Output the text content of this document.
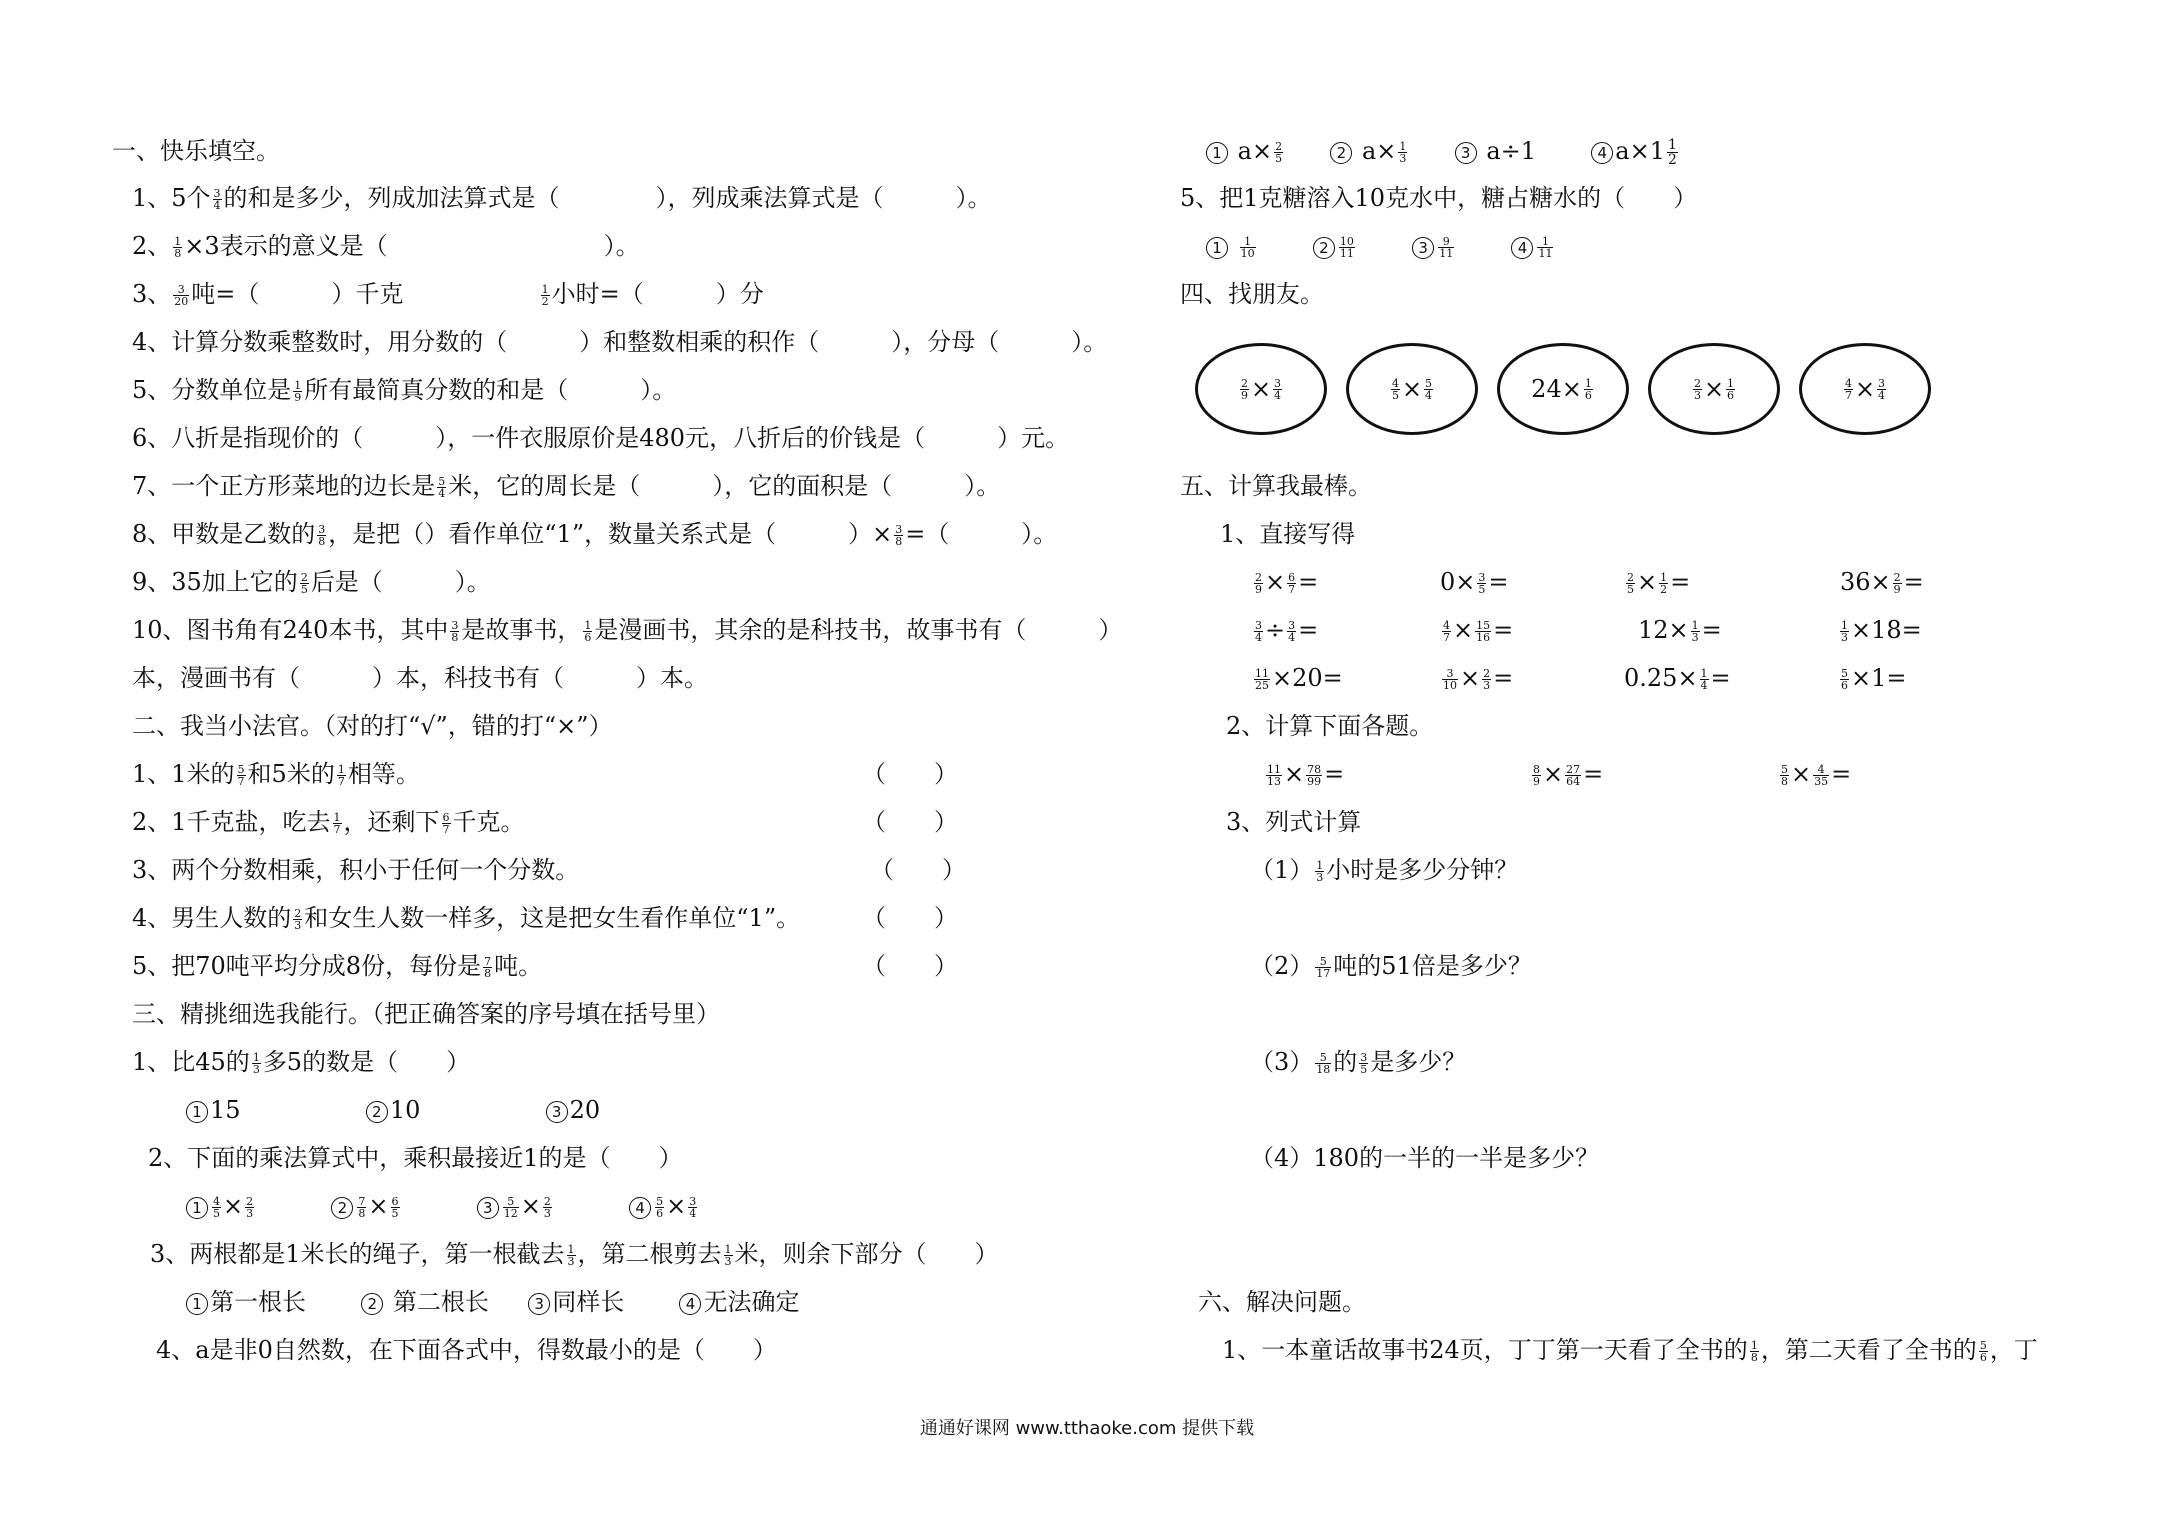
一、快乐填空。
1、5个 $\frac{3}{4}$ 的和是多少，列成加法算式是（　　　　），列成乘法算式是（　　　）。
2、 $\frac{1}{8} \times 3$表示的意义是（　　　　　　　　　）。
3、 $\frac{3}{20}$ 吨=（　　　）千克	$\frac{1}{2}$ 小时=（　　　）分
4、计算分数乘整数时，用分数的（　　　）和整数相乘的积作（　　　），分母（　　　）。
5、分数单位是 $\frac{1}{9}$ 所有最简真分数的和是（　　　）。
6、八折是指现价的（　　　），一件衣服原价是480元，八折后的价钱是（　　　）元。
7、一个正方形菜地的边长是 $\frac{5}{4}$ 米，它的周长是（　　　），它的面积是（　　　）。
8、甲数是乙数的 $\frac{3}{8}$ ，是把（）看作单位“1”，数量关系式是（　　　）× $\frac{3}{8}$ =（　　　）。
9、35加上它的 $\frac{2}{5}$ 后是（　　　）。
10、图书角有240本书，其中 $\frac{3}{8}$ 是故事书， $\frac{1}{6}$ 是漫画书，其余的是科技书，故事书有（　　　）
本，漫画书有（　　　）本，科技书有（　　　）本。
二、我当小法官。（对的打“√”，错的打“×”）
1、1米的 $\frac{5}{7}$ 和5米的 $\frac{1}{7}$ 相等。	（　　）
2、1千克盐，吃去 $\frac{1}{7}$ ，还剩下 $\frac{6}{7}$ 千克。	（　　）
3、两个分数相乘，积小于任何一个分数。	（　　）
4、男生人数的 $\frac{2}{3}$ 和女生人数一样多，这是把女生看作单位“1”。	（　　）
5、把70吨平均分成8份，每份是 $\frac{7}{8}$ 吨。	（　　）
三、精挑细选我能行。（把正确答案的序号填在括号里）
1、比45的 $\frac{1}{3}$ 多5的数是（　　）
1 15	2 10	3 20
2、下面的乘法算式中，乘积最接近1的是（　　）
$1 \frac{4}{5} \times \frac{2}{3}$	$2 \frac{7}{8} \times \frac{6}{5}$	$3 \frac{5}{12} \times \frac{2}{3}$	$4 \frac{5}{6} \times \frac{3}{4}$
3、两根都是1米长的绳子，第一根截去 $\frac{1}{3}$ ，第二根剪去 $\frac{1}{3}$ 米，则余下部分（　　）
1 第一根长	2 第二根长	3 同样长	4 无法确定
4、a是非0自然数，在下面各式中，得数最小的是（　　）
1 $a\times \frac{2}{5}$	2 $a\times \frac{1}{3}$	3 a÷1	4 $a\times 1 \frac{1}{2}$
5、把1克糖溶入10克水中，糖占糖水的（　　）
$1 \frac{1}{10}$	$2 \frac{10}{11}$	$3 \frac{9}{11}$	$4 \frac{1}{11}$
四、找朋友。
$\frac{2}{9} \times \frac{3}{4}$	$\frac{4}{5} \times \frac{5}{4}$	$24\times \frac{1}{6}$	$\frac{2}{3} \times \frac{1}{6}$	$\frac{4}{7} \times \frac{3}{4}$
五、计算我最棒。
1、直接写得
$\frac{2}{9} \times \frac{6}{7}$ =	$0\times \frac{3}{5}$ =	$\frac{2}{5} \times \frac{1}{2}$ =	$36\times \frac{2}{9}$ =
$\frac{3}{4} \div \frac{3}{4}$ =	$\frac{4}{7} \times \frac{15}{16}$ =	$12\times \frac{1}{3}$ =	$\frac{1}{3} \times 18=$
$\frac{11}{25} \times 20=$	$\frac{3}{10} \times \frac{2}{3}$ =	$0.25\times \frac{1}{4}$ =	$\frac{5}{6} \times 1=$
2、计算下面各题。
$\frac{11}{13} \times \frac{78}{99}$ =	$\frac{8}{9} \times \frac{27}{64}$ =	$\frac{5}{8} \times \frac{4}{35}$ =
3、列式计算
$(1) \frac{1}{3}$ 小时是多少分钟？
$(2) \frac{5}{17}$ 吨的51倍是多少？
$(3) \frac{5}{18}$ 的 $\frac{3}{5}$ 是多少？
（4）180的一半的一半是多少？
六、解决问题。
1、一本童话故事书24页，丁丁第一天看了全书的 $\frac{1}{8}$ ，第二天看了全书的 $\frac{5}{6}$ ，丁
通通好课网 www.tthaoke.com 提供下载
